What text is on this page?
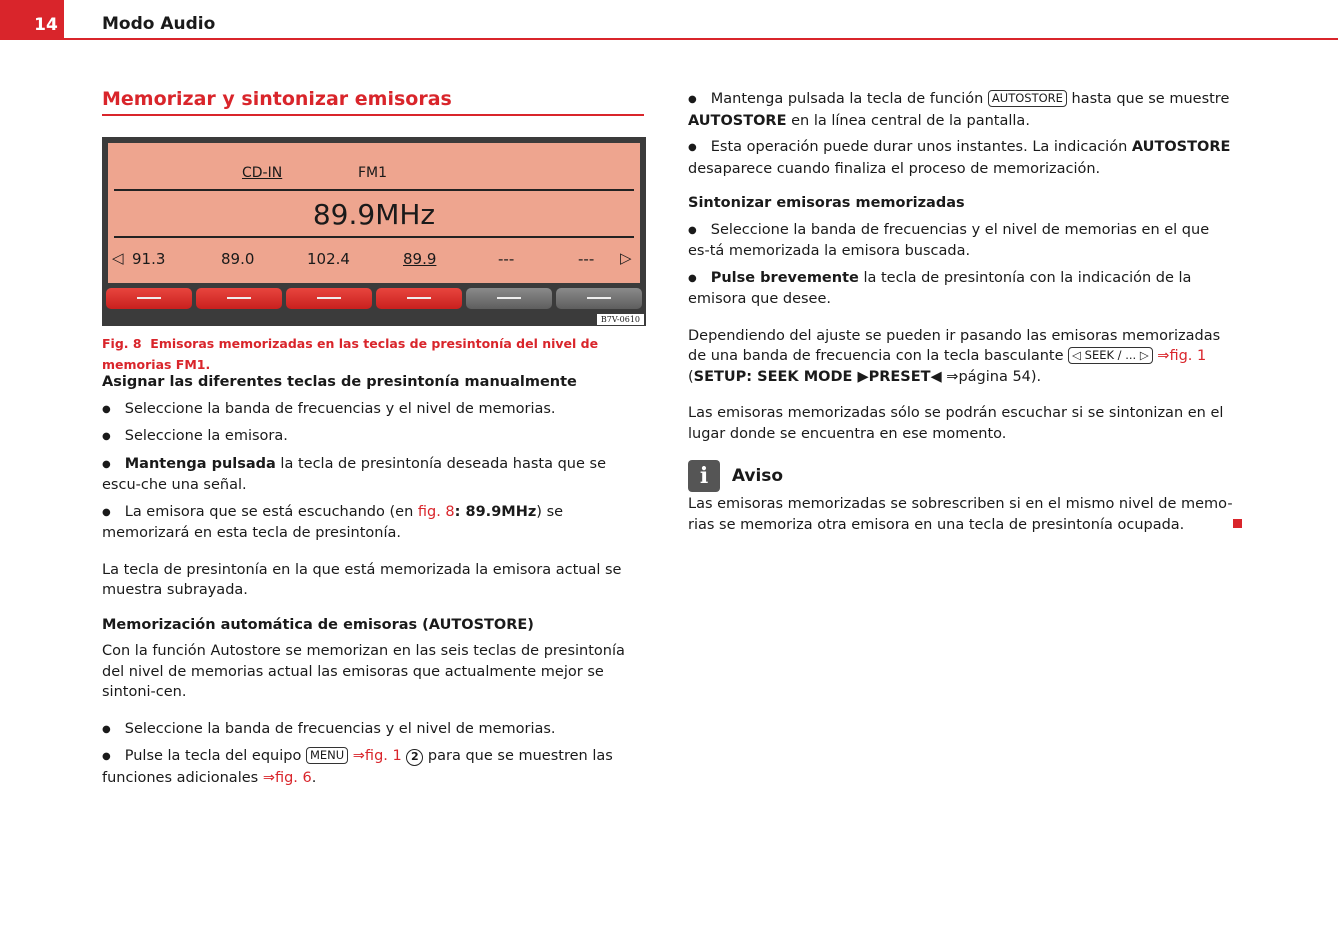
14	Modo Audio
Memorizar y sintonizar emisoras
CD-IN	FM1
89.9MHz
◁ 91.3	89.0	102.4	89.9	---	--- ▷
B7V-0610
Fig. 8 Emisoras memorizadas en las teclas de presintonía del nivel de memorias FM1.
Asignar las diferentes teclas de presintonía manualmente
● Seleccione la banda de frecuencias y el nivel de memorias.
● Seleccione la emisora.
● Mantenga pulsada la tecla de presintonía deseada hasta que se escu-che una señal.
● La emisora que se está escuchando (en fig. 8: 89.9MHz) se memorizará en esta tecla de presintonía.
La tecla de presintonía en la que está memorizada la emisora actual se muestra subrayada.
Memorización automática de emisoras (AUTOSTORE)
Con la función Autostore se memorizan en las seis teclas de presintonía del nivel de memorias actual las emisoras que actualmente mejor se sintoni-cen.
● Seleccione la banda de frecuencias y el nivel de memorias.
● Pulse la tecla del equipo MENU ⇒fig. 1 2 para que se muestren las funciones adicionales ⇒fig. 6.
● Mantenga pulsada la tecla de función AUTOSTORE hasta que se muestre AUTOSTORE en la línea central de la pantalla.
● Esta operación puede durar unos instantes. La indicación AUTOSTORE desaparece cuando finaliza el proceso de memorización.
Sintonizar emisoras memorizadas
● Seleccione la banda de frecuencias y el nivel de memorias en el que es-tá memorizada la emisora buscada.
● Pulse brevemente la tecla de presintonía con la indicación de la emisora que desee.
Dependiendo del ajuste se pueden ir pasando las emisoras memorizadas de una banda de frecuencia con la tecla basculante ◁ SEEK / ... ▷ ⇒fig. 1
(SETUP: SEEK MODE ▶PRESET◀ ⇒página 54).
Las emisoras memorizadas sólo se podrán escuchar si se sintonizan en el lugar donde se encuentra en ese momento.
i Aviso
Las emisoras memorizadas se sobrescriben si en el mismo nivel de memo-rias se memoriza otra emisora en una tecla de presintonía ocupada.
